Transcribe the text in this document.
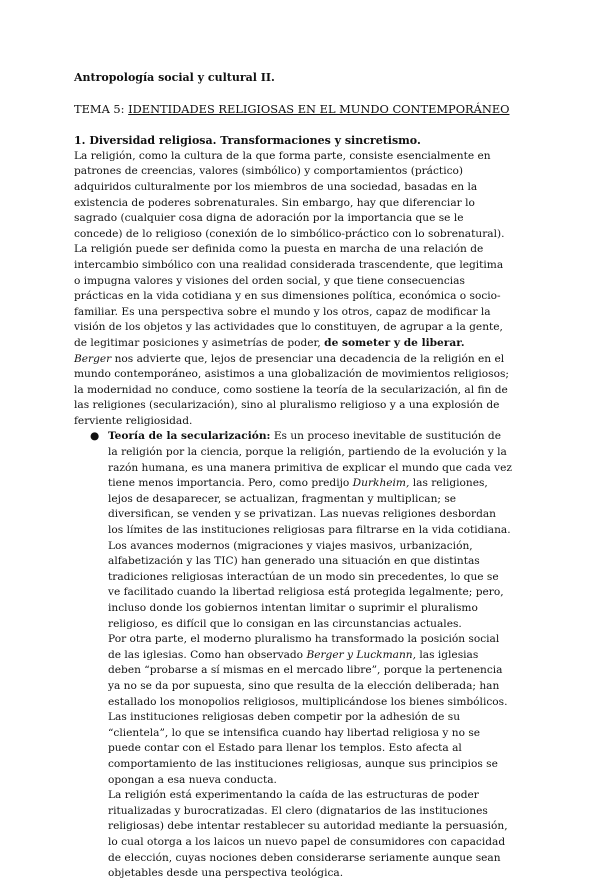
Antropología social y cultural II.

TEMA 5: IDENTIDADES RELIGIOSAS EN EL MUNDO CONTEMPORÁNEO

1. Diversidad religiosa. Transformaciones y sincretismo.

La religión, como la cultura de la que forma parte, consiste esencialmente en patrones de creencias, valores (simbólico) y comportamientos (práctico) adquiridos culturalmente por los miembros de una sociedad, basadas en la existencia de poderes sobrenaturales. Sin embargo, hay que diferenciar lo sagrado (cualquier cosa digna de adoración por la importancia que se le concede) de lo religioso (conexión de lo simbólico-práctico con lo sobrenatural).

La religión puede ser definida como la puesta en marcha de una relación de intercambio simbólico con una realidad considerada trascendente, que legitima o impugna valores y visiones del orden social, y que tiene consecuencias prácticas en la vida cotidiana y en sus dimensiones política, económica o socio-familiar. Es una perspectiva sobre el mundo y los otros, capaz de modificar la visión de los objetos y las actividades que lo constituyen, de agrupar a la gente, de legitimar posiciones y asimetrías de poder, de someter y de liberar.

Berger nos advierte que, lejos de presenciar una decadencia de la religión en el mundo contemporáneo, asistimos a una globalización de movimientos religiosos; la modernidad no conduce, como sostiene la teoría de la secularización, al fin de las religiones (secularización), sino al pluralismo religioso y a una explosión de ferviente religiosidad.

● Teoría de la secularización: Es un proceso inevitable de sustitución de la religión por la ciencia, porque la religión, partiendo de la evolución y la razón humana, es una manera primitiva de explicar el mundo que cada vez tiene menos importancia. Pero, como predijo Durkheim, las religiones, lejos de desaparecer, se actualizan, fragmentan y multiplican; se diversifican, se venden y se privatizan. Las nuevas religiones desbordan los límites de las instituciones religiosas para filtrarse en la vida cotidiana. Los avances modernos (migraciones y viajes masivos, urbanización, alfabetización y las TIC) han generado una situación en que distintas tradiciones religiosas interactúan de un modo sin precedentes, lo que se ve facilitado cuando la libertad religiosa está protegida legalmente; pero, incluso donde los gobiernos intentan limitar o suprimir el pluralismo religioso, es difícil que lo consigan en las circunstancias actuales.

Por otra parte, el moderno pluralismo ha transformado la posición social de las iglesias. Como han observado Berger y Luckmann, las iglesias deben “probarse a sí mismas en el mercado libre”, porque la pertenencia ya no se da por supuesta, sino que resulta de la elección deliberada; han estallado los monopolios religiosos, multiplicándose los bienes simbólicos. Las instituciones religiosas deben competir por la adhesión de su “clientela”, lo que se intensifica cuando hay libertad religiosa y no se puede contar con el Estado para llenar los templos. Esto afecta al comportamiento de las instituciones religiosas, aunque sus principios se opongan a esa nueva conducta.

La religión está experimentando la caída de las estructuras de poder ritualizadas y burocratizadas. El clero (dignatarios de las instituciones religiosas) debe intentar restablecer su autoridad mediante la persuasión, lo cual otorga a los laicos un nuevo papel de consumidores con capacidad de elección, cuyas nociones deben considerarse seriamente aunque sean objetables desde una perspectiva teológica.
